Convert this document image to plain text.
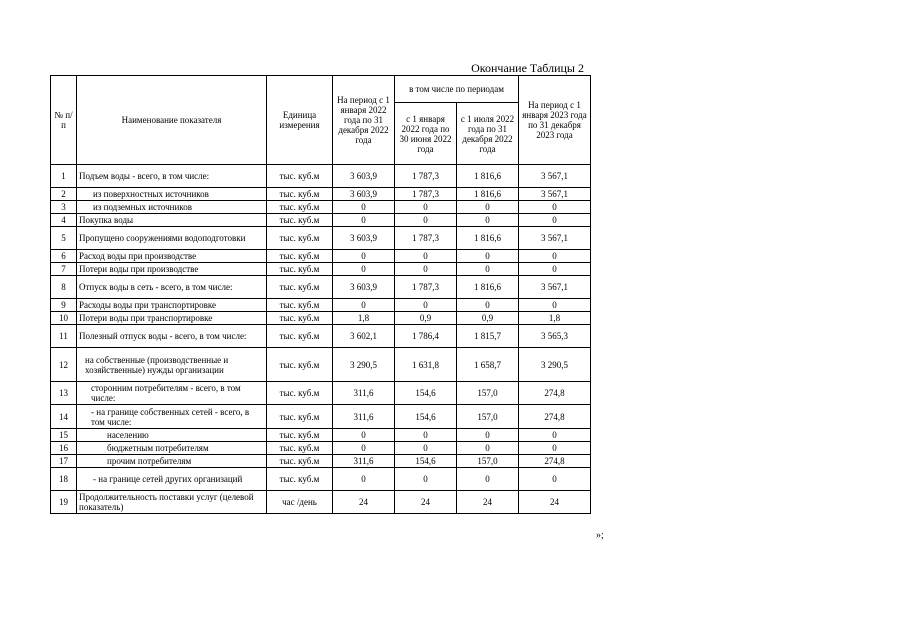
Окончание Таблицы 2
№ п/п	Наименование показателя	Единица измерения	На период с 1 января 2022 года по 31 декабря 2022 года	в том числе по периодам		На период с 1 января 2023 года по 31 декабря 2023 года
				с 1 января 2022 года по 30 июня 2022 года	с 1 июля 2022 года по 31 декабря 2022 года	
1	Подъем воды - всего, в том числе:	тыс. куб.м	3 603,9	1 787,3	1 816,6	3 567,1
2	из поверхностных источников	тыс. куб.м	3 603,9	1 787,3	1 816,6	3 567,1
3	из подземных источников	тыс. куб.м	0	0	0	0
4	Покупка воды	тыс. куб.м	0	0	0	0
5	Пропущено сооружениями водоподготовки	тыс. куб.м	3 603,9	1 787,3	1 816,6	3 567,1
6	Расход воды при производстве	тыс. куб.м	0	0	0	0
7	Потери воды при производстве	тыс. куб.м	0	0	0	0
8	Отпуск воды в сеть - всего, в том числе:	тыс. куб.м	3 603,9	1 787,3	1 816,6	3 567,1
9	Расходы воды при транспортировке	тыс. куб.м	0	0	0	0
10	Потери воды при транспортировке	тыс. куб.м	1,8	0,9	0,9	1,8
11	Полезный отпуск воды - всего, в том числе:	тыс. куб.м	3 602,1	1 786,4	1 815,7	3 565,3
12	на собственные (производственные и хозяйственные) нужды организации	тыс. куб.м	3 290,5	1 631,8	1 658,7	3 290,5
13	сторонним потребителям - всего, в том числе:	тыс. куб.м	311,6	154,6	157,0	274,8
14	- на границе собственных сетей - всего, в том числе:	тыс. куб.м	311,6	154,6	157,0	274,8
15	населению	тыс. куб.м	0	0	0	0
16	бюджетным потребителям	тыс. куб.м	0	0	0	0
17	прочим потребителям	тыс. куб.м	311,6	154,6	157,0	274,8
18	- на границе сетей других организаций	тыс. куб.м	0	0	0	0
19	Продолжительность поставки услуг (целевой показатель)	час /день	24	24	24	24
»;
